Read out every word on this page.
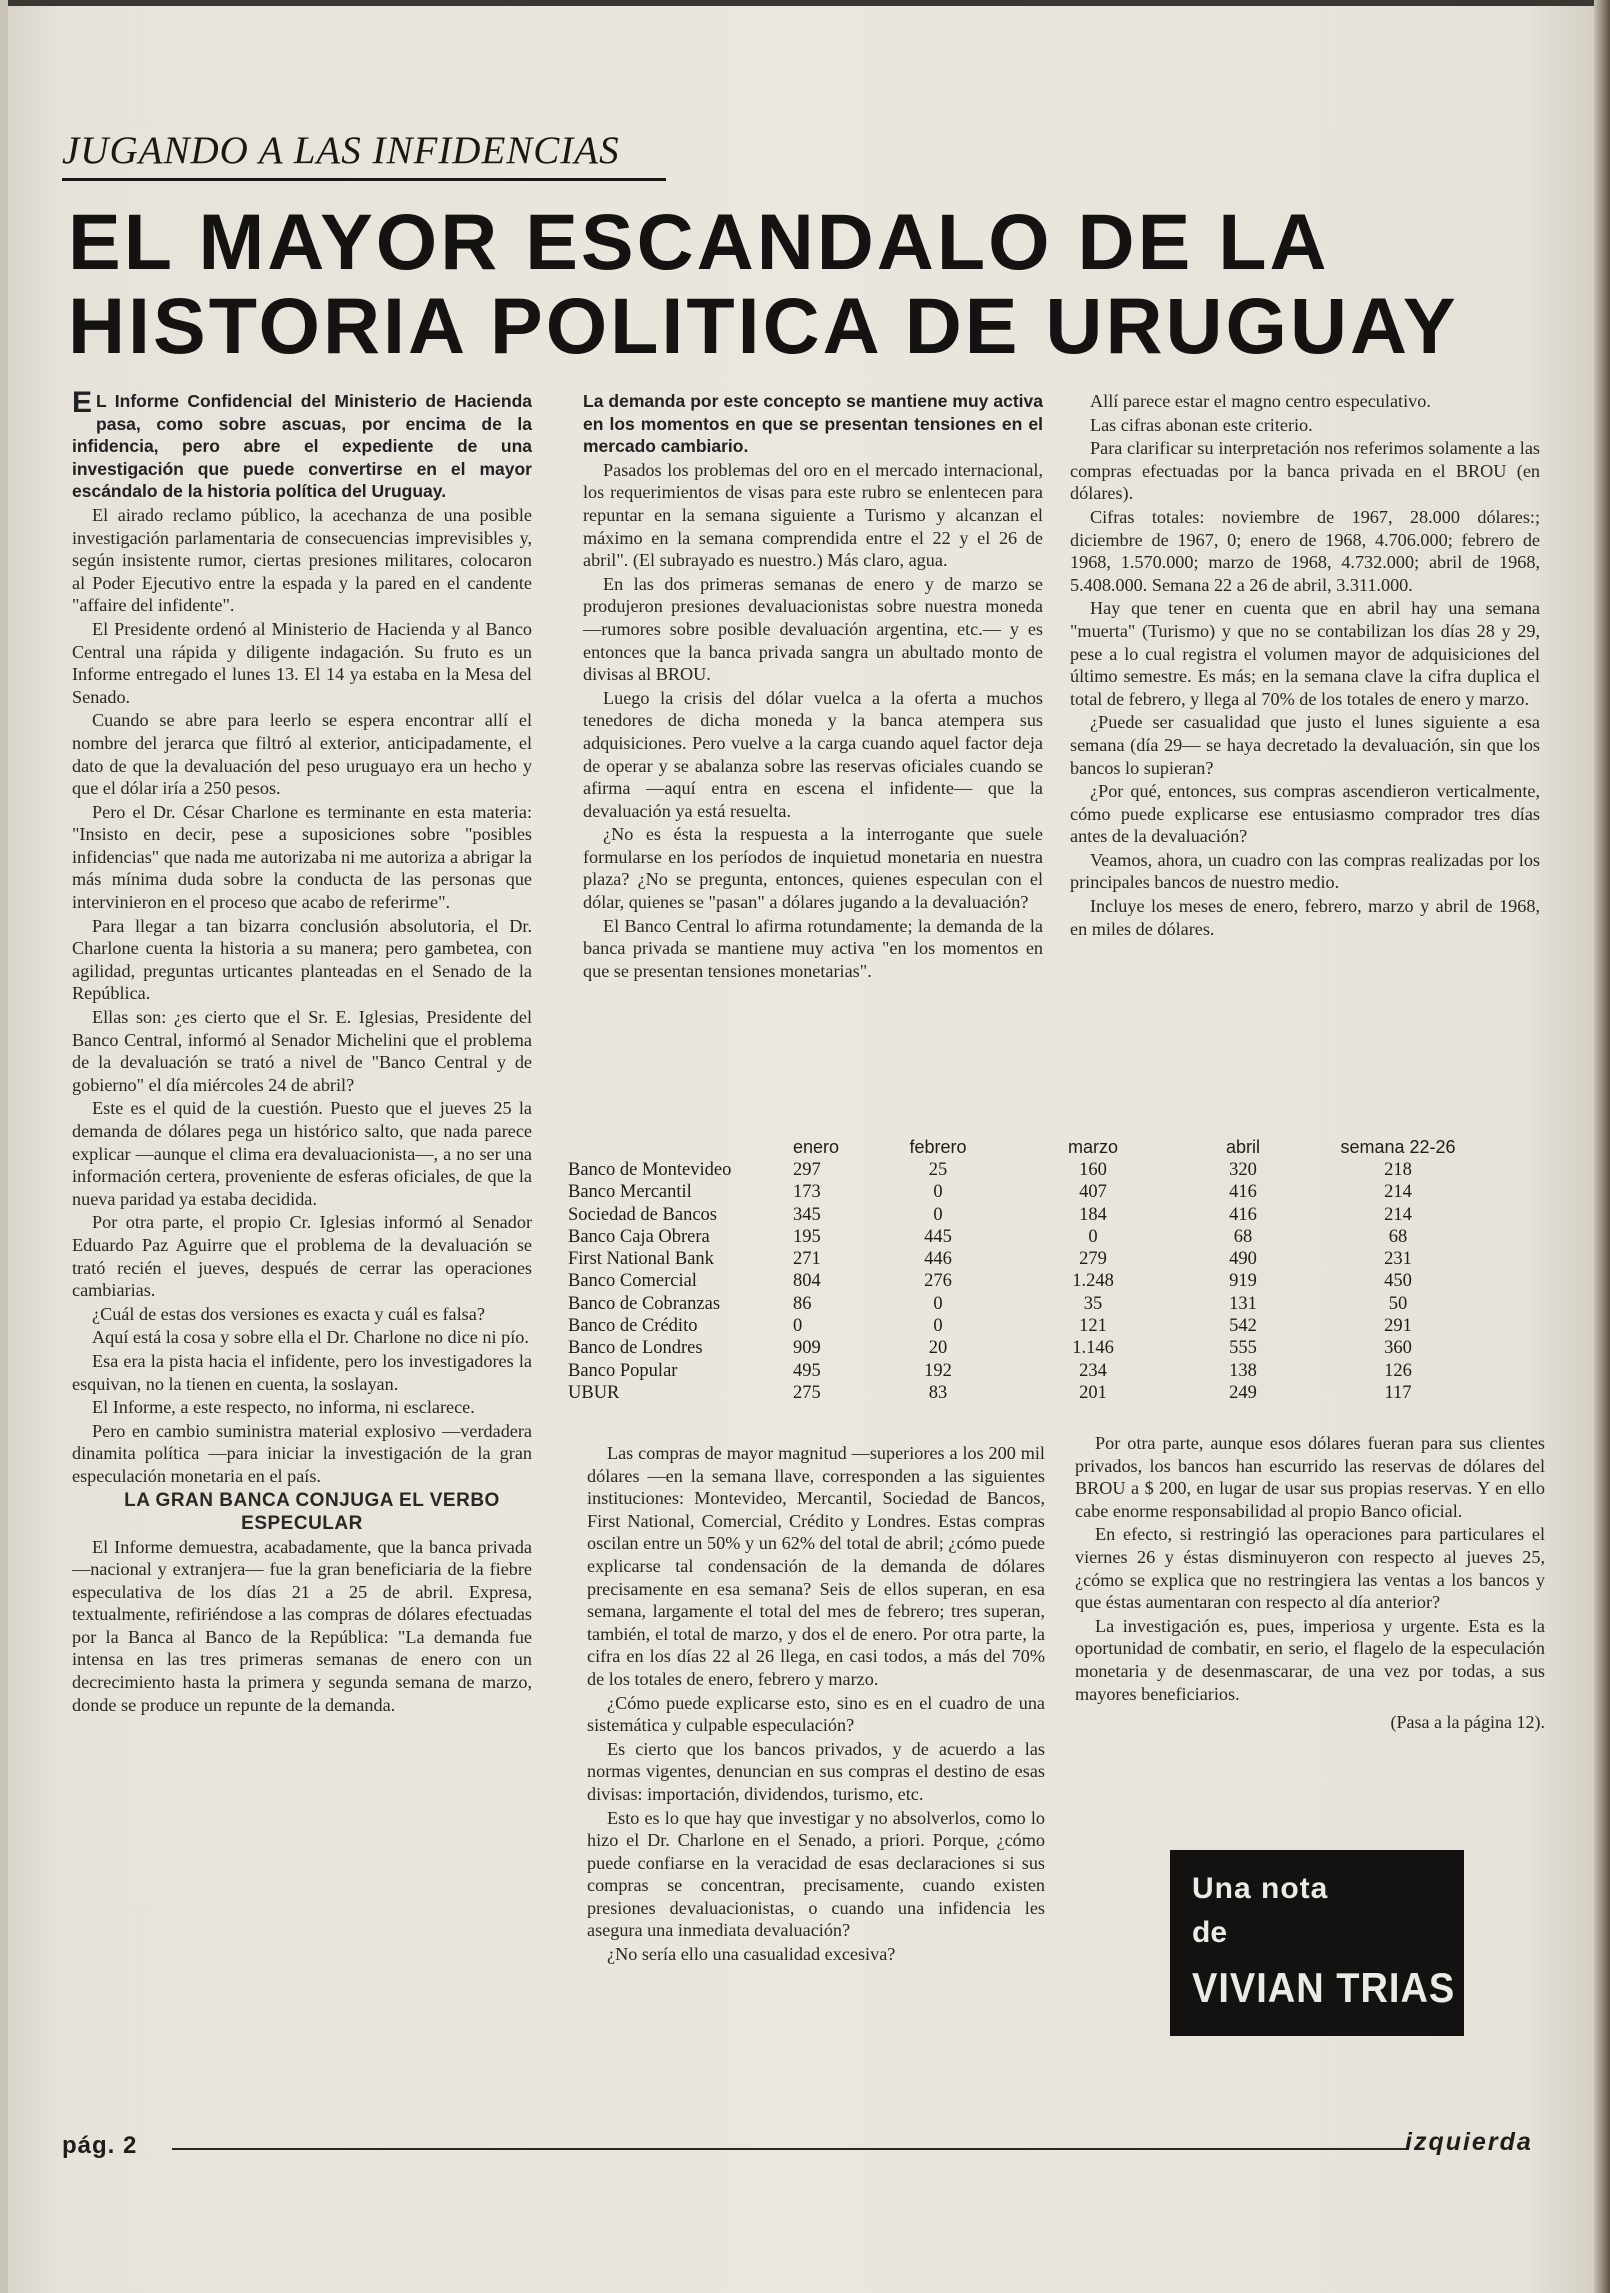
JUGANDO A LAS INFIDENCIAS
EL MAYOR ESCANDALO DE LA
HISTORIA POLITICA DE URUGUAY

E L Informe Confidencial del Ministerio de Hacienda pasa, como sobre ascuas, por encima de la infidencia, pero abre el expediente de una investigación que puede convertirse en el mayor escándalo de la historia política del Uruguay.

El airado reclamo público, la acechanza de una posible investigación parlamentaria de consecuencias imprevisibles y, según insistente rumor, ciertas presiones militares, colocaron al Poder Ejecutivo entre la espada y la pared en el candente "affaire del infidente".

El Presidente ordenó al Ministerio de Hacienda y al Banco Central una rápida y diligente indagación. Su fruto es un Informe entregado el lunes 13. El 14 ya estaba en la Mesa del Senado.

Cuando se abre para leerlo se espera encontrar allí el nombre del jerarca que filtró al exterior, anticipadamente, el dato de que la devaluación del peso uruguayo era un hecho y que el dólar iría a 250 pesos.

Pero el Dr. César Charlone es terminante en esta materia: "Insisto en decir, pese a suposiciones sobre "posibles infidencias" que nada me autorizaba ni me autoriza a abrigar la más mínima duda sobre la conducta de las personas que intervinieron en el proceso que acabo de referirme".

Para llegar a tan bizarra conclusión absolutoria, el Dr. Charlone cuenta la historia a su manera; pero gambetea, con agilidad, preguntas urticantes planteadas en el Senado de la República.

Ellas son: ¿es cierto que el Sr. E. Iglesias, Presidente del Banco Central, informó al Senador Michelini que el problema de la devaluación se trató a nivel de "Banco Central y de gobierno" el día miércoles 24 de abril?

Este es el quid de la cuestión. Puesto que el jueves 25 la demanda de dólares pega un histórico salto, que nada parece explicar —aunque el clima era devaluacionista—, a no ser una información certera, proveniente de esferas oficiales, de que la nueva paridad ya estaba decidida.

Por otra parte, el propio Cr. Iglesias informó al Senador Eduardo Paz Aguirre que el problema de la devaluación se trató recién el jueves, después de cerrar las operaciones cambiarias.

¿Cuál de estas dos versiones es exacta y cuál es falsa?

Aquí está la cosa y sobre ella el Dr. Charlone no dice ni pío.

Esa era la pista hacia el infidente, pero los investigadores la esquivan, no la tienen en cuenta, la soslayan.

El Informe, a este respecto, no informa, ni esclarece.

Pero en cambio suministra material explosivo —verdadera dinamita política —para iniciar la investigación de la gran especulación monetaria en el país.

LA GRAN BANCA CONJUGA EL VERBO ESPECULAR

El Informe demuestra, acabadamente, que la banca privada —nacional y extranjera— fue la gran beneficiaria de la fiebre especulativa de los días 21 a 25 de abril. Expresa, textualmente, refiriéndose a las compras de dólares efectuadas por la Banca al Banco de la República: "La demanda fue intensa en las tres primeras semanas de enero con un decrecimiento hasta la primera y segunda semana de marzo, donde se produce un repunte de la demanda.

La demanda por este concepto se mantiene muy activa en los momentos en que se presentan tensiones en el mercado cambiario.

Pasados los problemas del oro en el mercado internacional, los requerimientos de visas para este rubro se enlentecen para repuntar en la semana siguiente a Turismo y alcanzan el máximo en la semana comprendida entre el 22 y el 26 de abril". (El subrayado es nuestro.) Más claro, agua.

En las dos primeras semanas de enero y de marzo se produjeron presiones devaluacionistas sobre nuestra moneda —rumores sobre posible devaluación argentina, etc.— y es entonces que la banca privada sangra un abultado monto de divisas al BROU.

Luego la crisis del dólar vuelca a la oferta a muchos tenedores de dicha moneda y la banca atempera sus adquisiciones. Pero vuelve a la carga cuando aquel factor deja de operar y se abalanza sobre las reservas oficiales cuando se afirma —aquí entra en escena el infidente— que la devaluación ya está resuelta.

¿No es ésta la respuesta a la interrogante que suele formularse en los períodos de inquietud monetaria en nuestra plaza? ¿No se pregunta, entonces, quienes especulan con el dólar, quienes se "pasan" a dólares jugando a la devaluación?

El Banco Central lo afirma rotundamente; la demanda de la banca privada se mantiene muy activa "en los momentos en que se presentan tensiones monetarias".

Allí parece estar el magno centro especulativo.

Las cifras abonan este criterio.

Para clarificar su interpretación nos referimos solamente a las compras efectuadas por la banca privada en el BROU (en dólares).

Cifras totales: noviembre de 1967, 28.000 dólares:; diciembre de 1967, 0; enero de 1968, 4.706.000; febrero de 1968, 1.570.000; marzo de 1968, 4.732.000; abril de 1968, 5.408.000. Semana 22 a 26 de abril, 3.311.000.

Hay que tener en cuenta que en abril hay una semana "muerta" (Turismo) y que no se contabilizan los días 28 y 29, pese a lo cual registra el volumen mayor de adquisiciones del último semestre. Es más; en la semana clave la cifra duplica el total de febrero, y llega al 70% de los totales de enero y marzo.

¿Puede ser casualidad que justo el lunes siguiente a esa semana (día 29— se haya decretado la devaluación, sin que los bancos lo supieran?

¿Por qué, entonces, sus compras ascendieron verticalmente, cómo puede explicarse ese entusiasmo comprador tres días antes de la devaluación?

Veamos, ahora, un cuadro con las compras realizadas por los principales bancos de nuestro medio.

Incluye los meses de enero, febrero, marzo y abril de 1968, en miles de dólares.

	enero	febrero	marzo	abril	semana 22-26
Banco de Montevideo	297	25	160	320	218
Banco Mercantil	173	0	407	416	214
Sociedad de Bancos	345	0	184	416	214
Banco Caja Obrera	195	445	0	68	68
First National Bank	271	446	279	490	231
Banco Comercial	804	276	1.248	919	450
Banco de Cobranzas	86	0	35	131	50
Banco de Crédito	0	0	121	542	291
Banco de Londres	909	20	1.146	555	360
Banco Popular	495	192	234	138	126
UBUR	275	83	201	249	117

Las compras de mayor magnitud —superiores a los 200 mil dólares —en la semana llave, corresponden a las siguientes instituciones: Montevideo, Mercantil, Sociedad de Bancos, First National, Comercial, Crédito y Londres. Estas compras oscilan entre un 50% y un 62% del total de abril; ¿cómo puede explicarse tal condensación de la demanda de dólares precisamente en esa semana? Seis de ellos superan, en esa semana, largamente el total del mes de febrero; tres superan, también, el total de marzo, y dos el de enero. Por otra parte, la cifra en los días 22 al 26 llega, en casi todos, a más del 70% de los totales de enero, febrero y marzo.

¿Cómo puede explicarse esto, sino es en el cuadro de una sistemática y culpable especulación?

Es cierto que los bancos privados, y de acuerdo a las normas vigentes, denuncian en sus compras el destino de esas divisas: importación, dividendos, turismo, etc.

Esto es lo que hay que investigar y no absolverlos, como lo hizo el Dr. Charlone en el Senado, a priori. Porque, ¿cómo puede confiarse en la veracidad de esas declaraciones si sus compras se concentran, precisamente, cuando existen presiones devaluacionistas, o cuando una infidencia les asegura una inmediata devaluación?

¿No sería ello una casualidad excesiva?

Por otra parte, aunque esos dólares fueran para sus clientes privados, los bancos han escurrido las reservas de dólares del BROU a $ 200, en lugar de usar sus propias reservas. Y en ello cabe enorme responsabilidad al propio Banco oficial.

En efecto, si restringió las operaciones para particulares el viernes 26 y éstas disminuyeron con respecto al jueves 25, ¿cómo se explica que no restringiera las ventas a los bancos y que éstas aumentaran con respecto al día anterior?

La investigación es, pues, imperiosa y urgente. Esta es la oportunidad de combatir, en serio, el flagelo de la especulación monetaria y de desenmascarar, de una vez por todas, a sus mayores beneficiarios.

(Pasa a la página 12).
Una nota
de
VIVIAN TRIAS
pág. 2	izquierda
